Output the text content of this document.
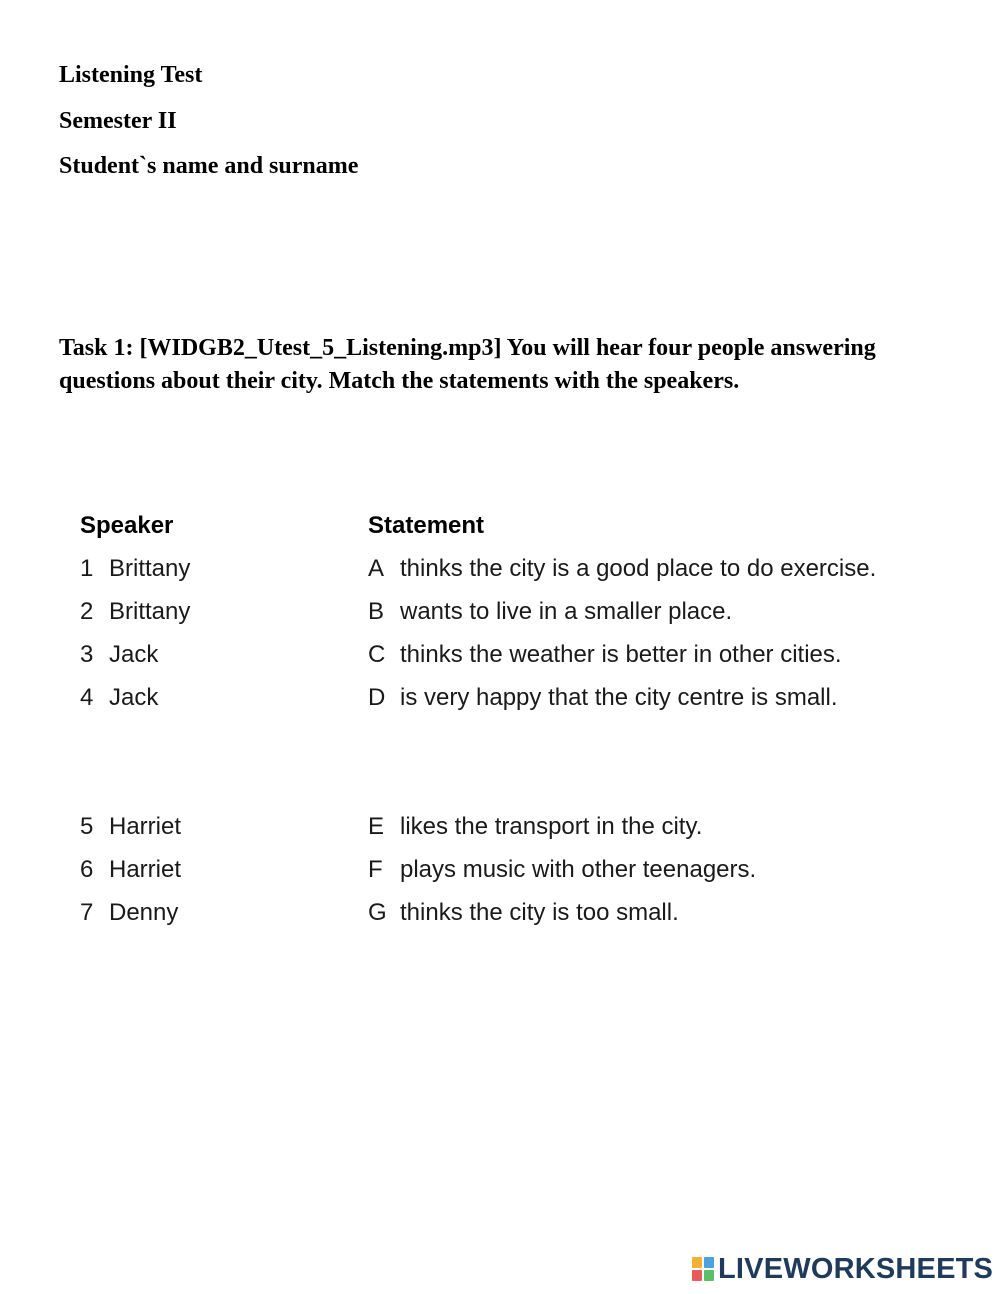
Listening Test
Semester II
Student`s name and surname
Task 1: [WIDGB2_Utest_5_Listening.mp3] You will hear four people answering questions about their city. Match the statements with the speakers.
Speaker	Statement
1 Brittany	A thinks the city is a good place to do exercise.
2 Brittany	B wants to live in a smaller place.
3 Jack	C thinks the weather is better in other cities.
4 Jack	D is very happy that the city centre is small.
5 Harriet	E likes the transport in the city.
6 Harriet	F plays music with other teenagers.
7 Denny	G thinks the city is too small.
LIVEWORKSHEETS
